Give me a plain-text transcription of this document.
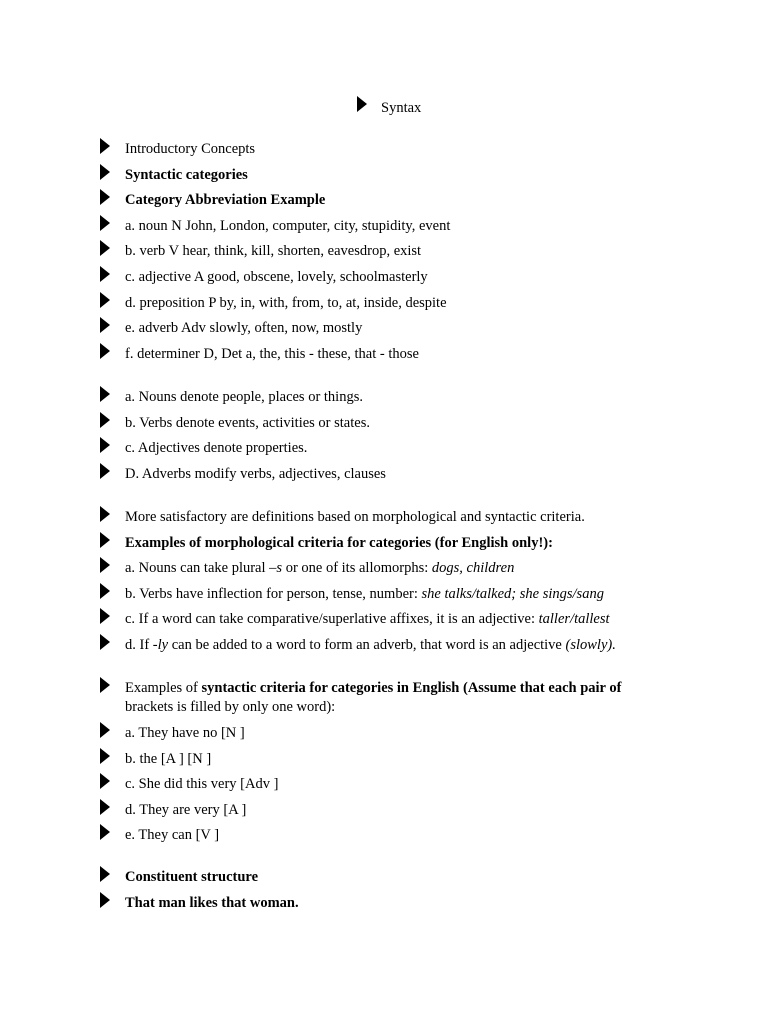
Syntax
Introductory Concepts
Syntactic categories
Category Abbreviation Example
a. noun N John, London, computer, city, stupidity, event
b. verb V hear, think, kill, shorten, eavesdrop, exist
c. adjective A good, obscene, lovely, schoolmasterly
d. preposition P by, in, with, from, to, at, inside, despite
e. adverb Adv slowly, often, now, mostly
f. determiner D, Det a, the, this - these, that - those
a. Nouns denote people, places or things.
b. Verbs denote events, activities or states.
c. Adjectives denote properties.
D. Adverbs modify verbs, adjectives, clauses
More satisfactory are definitions based on morphological and syntactic criteria.
Examples of morphological criteria for categories (for English only!):
a. Nouns can take plural –s or one of its allomorphs: dogs, children
b. Verbs have inflection for person, tense, number: she talks/talked; she sings/sang
c. If a word can take comparative/superlative affixes, it is an adjective: taller/tallest
d. If -ly can be added to a word to form an adverb, that word is an adjective (slowly).
Examples of syntactic criteria for categories in English (Assume that each pair of
brackets is filled by only one word):
a. They have no [N ]
b. the [A ] [N ]
c. She did this very [Adv ]
d. They are very [A ]
e. They can [V ]
Constituent structure
That man likes that woman.
